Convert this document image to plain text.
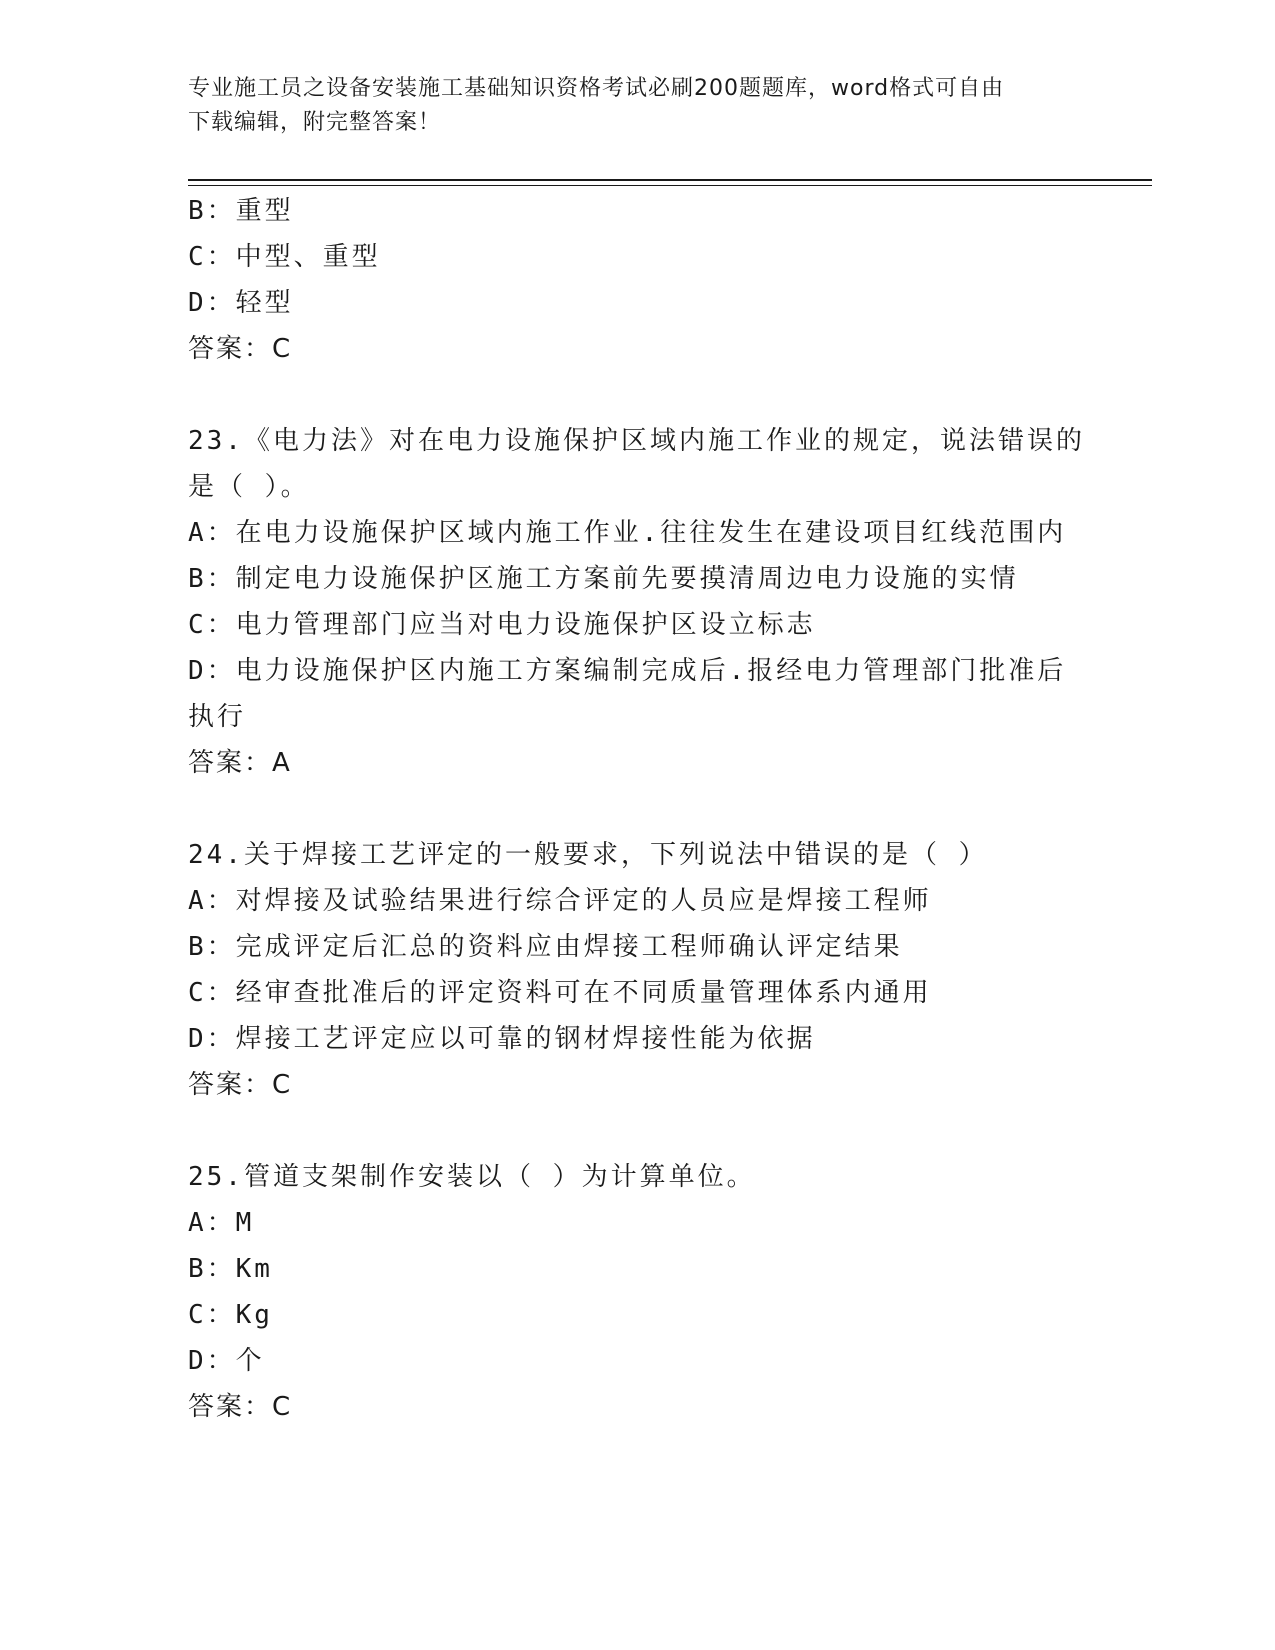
专业施工员之设备安装施工基础知识资格考试必刷200题题库，word格式可自由
下载编辑，附完整答案！
B：重型
C：中型、重型
D：轻型
答案：C
23.《电力法》对在电力设施保护区域内施工作业的规定，说法错误的
是（ ）。
A：在电力设施保护区域内施工作业.往往发生在建设项目红线范围内
B：制定电力设施保护区施工方案前先要摸清周边电力设施的实情
C：电力管理部门应当对电力设施保护区设立标志
D：电力设施保护区内施工方案编制完成后.报经电力管理部门批准后
执行
答案：A
24.关于焊接工艺评定的一般要求，下列说法中错误的是（ ）
A：对焊接及试验结果进行综合评定的人员应是焊接工程师
B：完成评定后汇总的资料应由焊接工程师确认评定结果
C：经审查批准后的评定资料可在不同质量管理体系内通用
D：焊接工艺评定应以可靠的钢材焊接性能为依据
答案：C
25.管道支架制作安装以（ ）为计算单位。
A：M
B：Km
C：Kg
D：个
答案：C
